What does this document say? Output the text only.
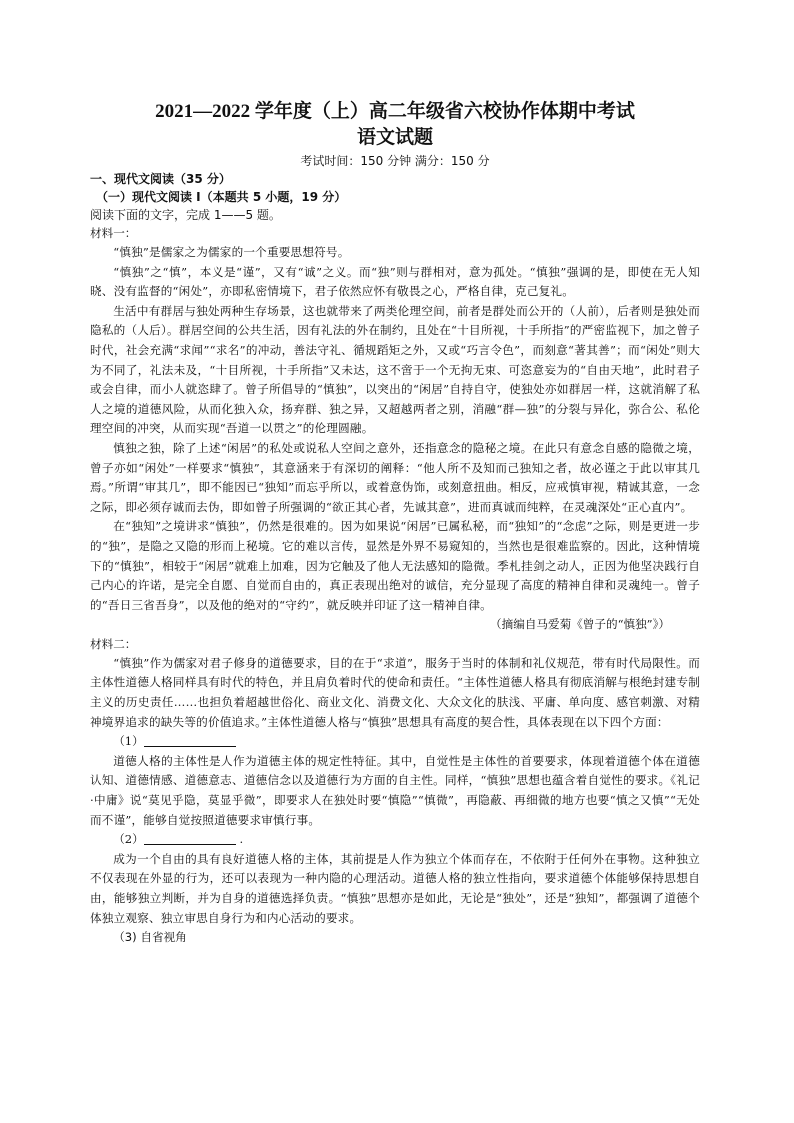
2021—2022 学年度（上）高二年级省六校协作体期中考试

语文试题

考试时间：150 分钟 满分：150 分

一、现代文阅读（35 分）

（一）现代文阅读 I（本题共 5 小题，19 分）

阅读下面的文字，完成 1——5 题。

材料一：

“慎独”是儒家之为儒家的一个重要思想符号。

“慎独”之“慎”，本义是“谨”，又有“诚”之义。而“独”则与群相对，意为孤处。“慎独”强调的是，即使在无人知晓、没有监督的“闲处”，亦即私密情境下，君子依然应怀有敬畏之心，严格自律，克己复礼。

生活中有群居与独处两种生存场景，这也就带来了两类伦理空间，前者是群处而公开的（人前），后者则是独处而隐私的（人后）。群居空间的公共生活，因有礼法的外在制约，且处在“十目所视，十手所指”的严密监视下，加之曾子时代，社会充满“求闻”“求名”的冲动，善法守礼、循规蹈矩之外，又或“巧言令色”，而刻意“著其善”；而“闲处”则大为不同了，礼法未及，“十目所视，十手所指”又未达，这不啻于一个无拘无束、可恣意妄为的“自由天地”，此时君子或会自律，而小人就恣肆了。曾子所倡导的“慎独”，以突出的“闲居”自持自守，使独处亦如群居一样，这就消解了私人之境的道德风险，从而化独入众，扬弃群、独之异，又超越两者之别，消融“群—独”的分裂与异化，弥合公、私伦理空间的冲突，从而实现“吾道一以贯之”的伦理圆融。

慎独之独，除了上述“闲居”的私处或说私人空间之意外，还指意念的隐秘之境。在此只有意念自感的隐微之境，曾子亦如“闲处”一样要求“慎独”，其意涵来于有深切的阐释：“他人所不及知而己独知之者，故必谨之于此以审其几焉。”所谓“审其几”，即不能因已“独知”而忘乎所以，或着意伪饰，或刻意扭曲。相反，应戒慎审视，精诚其意，一念之际，即必须存诚而去伪，即如曾子所强调的“欲正其心者，先诚其意”，进而真诚而纯粹，在灵魂深处“正心直内”。

在“独知”之境讲求“慎独”，仍然是很难的。因为如果说“闲居”已属私秘，而“独知”的“念虑”之际，则是更进一步的“独”，是隐之又隐的形而上秘境。它的难以言传，显然是外界不易窥知的，当然也是很难监察的。因此，这种情境下的“慎独”，相较于“闲居”就难上加难，因为它触及了他人无法感知的隐微。季札挂剑之动人，正因为他坚决践行自己内心的许诺，是完全自愿、自觉而自由的，真正表现出绝对的诚信，充分显现了高度的精神自律和灵魂纯一。曾子的“吾日三省吾身”，以及他的绝对的“守约”，就反映并印证了这一精神自律。

（摘编自马爱菊《曾子的“慎独”》）

材料二：

“慎独”作为儒家对君子修身的道德要求，目的在于“求道”，服务于当时的体制和礼仪规范，带有时代局限性。而主体性道德人格同样具有时代的特色，并且肩负着时代的使命和责任。“主体性道德人格具有彻底消解与根绝封建专制主义的历史责任……也担负着超越世俗化、商业文化、消费文化、大众文化的肤浅、平庸、单向度、感官刺激、对精神境界追求的缺失等的价值追求。”主体性道德人格与“慎独”思想具有高度的契合性，具体表现在以下四个方面：

（1）

道德人格的主体性是人作为道德主体的规定性特征。其中，自觉性是主体性的首要要求，体现着道德个体在道德认知、道德情感、道德意志、道德信念以及道德行为方面的自主性。同样，“慎独”思想也蕴含着自觉性的要求。《礼记·中庸》说“莫见乎隐，莫显乎微”，即要求人在独处时要“慎隐”“慎微”，再隐蔽、再细微的地方也要“慎之又慎”“无处而不谨”，能够自觉按照道德要求审慎行事。

（2）	.

成为一个自由的具有良好道德人格的主体，其前提是人作为独立个体而存在，不依附于任何外在事物。这种独立不仅表现在外显的行为，还可以表现为一种内隐的心理活动。道德人格的独立性指向，要求道德个体能够保持思想自由，能够独立判断，并为自身的道德选择负责。“慎独”思想亦是如此，无论是“独处”，还是“独知”，都强调了道德个体独立观察、独立审思自身行为和内心活动的要求。

（3) 自省视角
